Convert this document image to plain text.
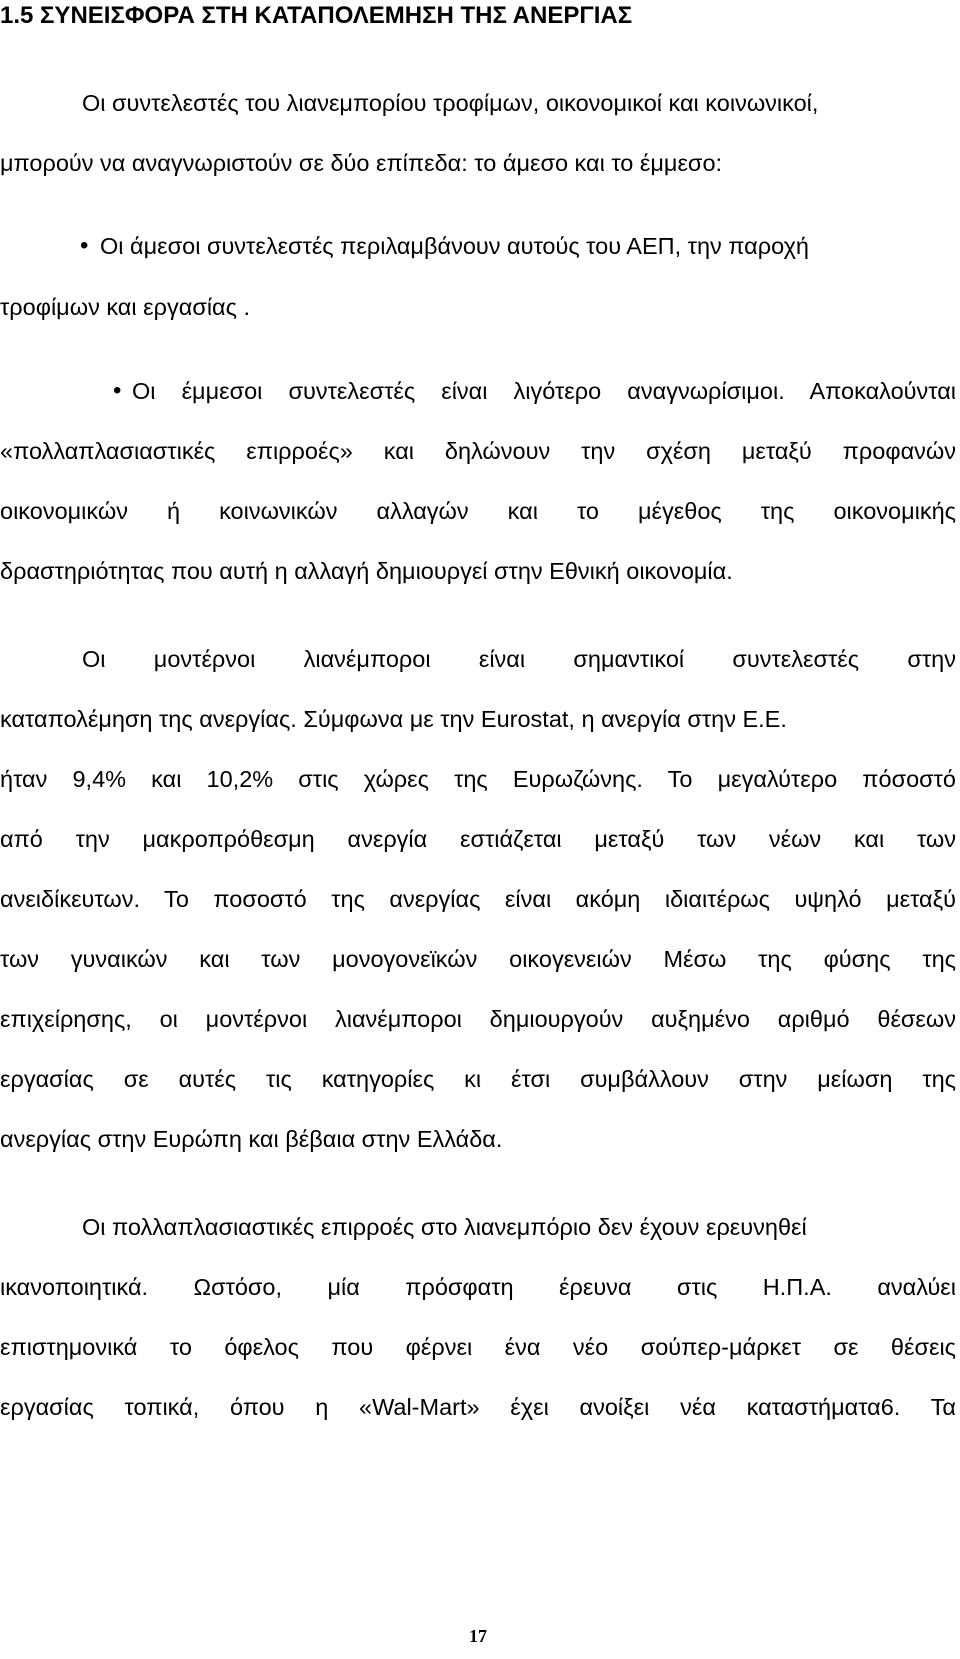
1.5 ΣΥΝΕΙΣΦΟΡΑ ΣΤΗ ΚΑΤΑΠΟΛΕΜΗΣΗ ΤΗΣ ΑΝΕΡΓΙΑΣ
Οι συντελεστές του λιανεμπορίου τροφίμων, οικονομικοί και κοινωνικοί,
μπορούν να αναγνωριστούν σε δύο επίπεδα: το άμεσο και το έμμεσο:
• Οι άμεσοι συντελεστές περιλαμβάνουν αυτούς του ΑΕΠ, την παροχή
τροφίμων και εργασίας .
• Οι έμμεσοι συντελεστές είναι λιγότερο αναγνωρίσιμοι. Αποκαλούνται
«πολλαπλασιαστικές επιρροές» και δηλώνουν την σχέση μεταξύ προφανών
οικονομικών ή κοινωνικών αλλαγών και το μέγεθος της οικονομικής
δραστηριότητας που αυτή η αλλαγή δημιουργεί στην Εθνική οικονομία.
Οι μοντέρνοι λιανέμποροι είναι σημαντικοί συντελεστές στην
καταπολέμηση της ανεργίας. Σύμφωνα με την Eurostat, η ανεργία στην Ε.Ε.
ήταν 9,4% και 10,2% στις χώρες της Ευρωζώνης. Το μεγαλύτερο πόσοστό
από την μακροπρόθεσμη ανεργία εστιάζεται μεταξύ των νέων και των
ανειδίκευτων. Το ποσοστό της ανεργίας είναι ακόμη ιδιαιτέρως υψηλό μεταξύ
των γυναικών και των μονογονεϊκών οικογενειών Μέσω της φύσης της
επιχείρησης, οι μοντέρνοι λιανέμποροι δημιουργούν αυξημένο αριθμό θέσεων
εργασίας σε αυτές τις κατηγορίες κι έτσι συμβάλλουν στην μείωση της
ανεργίας στην Ευρώπη και βέβαια στην Ελλάδα.
Οι πολλαπλασιαστικές επιρροές στο λιανεμπόριο δεν έχουν ερευνηθεί
ικανοποιητικά. Ωστόσο, μία πρόσφατη έρευνα στις Η.Π.Α. αναλύει
επιστημονικά το όφελος που φέρνει ένα νέο σούπερ-μάρκετ σε θέσεις
εργασίας τοπικά, όπου η «Wal-Mart» έχει ανοίξει νέα καταστήματα6. Τα
17
